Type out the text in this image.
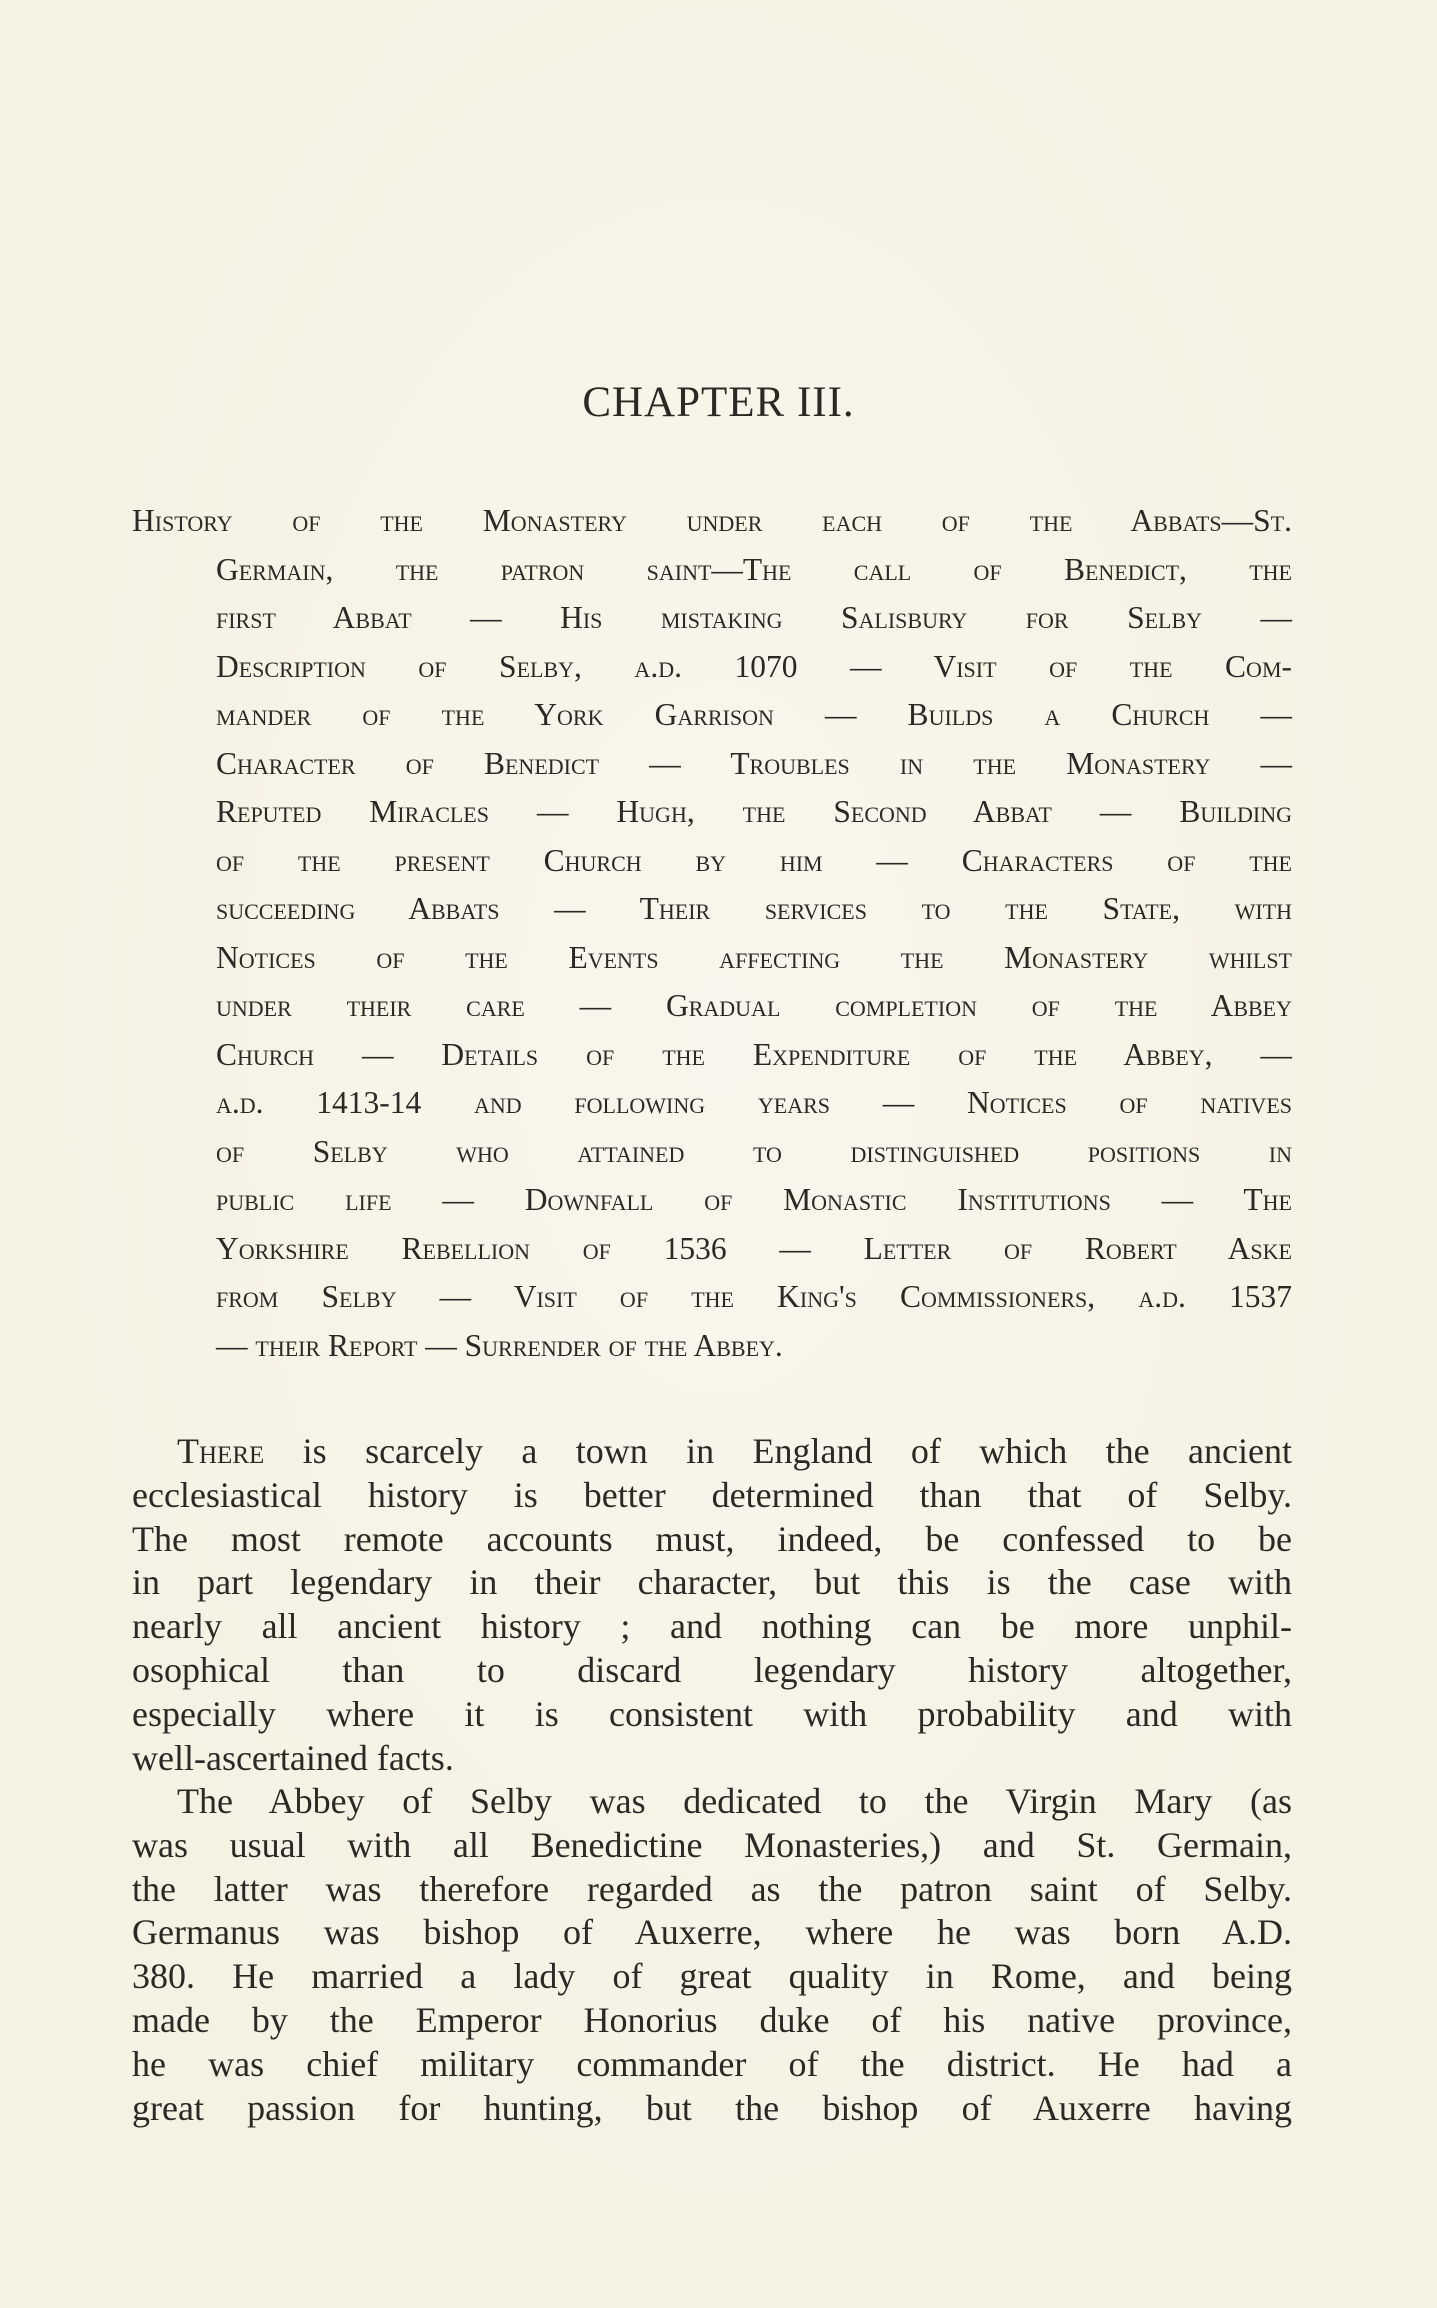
CHAPTER III.
History of the Monastery under each of the Abbats—St.
Germain, the patron saint—The call of Benedict, the
first Abbat — His mistaking Salisbury for Selby —
Description of Selby, a.d. 1070 — Visit of the Com-
mander of the York Garrison — Builds a Church —
Character of Benedict — Troubles in the Monastery —
Reputed Miracles — Hugh, the Second Abbat — Building
of the present Church by him — Characters of the
succeeding Abbats — Their services to the State, with
Notices of the Events affecting the Monastery whilst
under their care — Gradual completion of the Abbey
Church — Details of the Expenditure of the Abbey, —
a.d. 1413-14 and following years — Notices of natives
of Selby who attained to distinguished positions in
public life — Downfall of Monastic Institutions — The
Yorkshire Rebellion of 1536 — Letter of Robert Aske
from Selby — Visit of the King's Commissioners, a.d. 1537
— their Report — Surrender of the Abbey.
There is scarcely a town in England of which the ancient
ecclesiastical history is better determined than that of Selby.
The most remote accounts must, indeed, be confessed to be
in part legendary in their character, but this is the case with
nearly all ancient history ; and nothing can be more unphil-
osophical than to discard legendary history altogether,
especially where it is consistent with probability and with
well-ascertained facts.
The Abbey of Selby was dedicated to the Virgin Mary (as
was usual with all Benedictine Monasteries,) and St. Germain,
the latter was therefore regarded as the patron saint of Selby.
Germanus was bishop of Auxerre, where he was born A.D.
380. He married a lady of great quality in Rome, and being
made by the Emperor Honorius duke of his native province,
he was chief military commander of the district. He had a
great passion for hunting, but the bishop of Auxerre having
